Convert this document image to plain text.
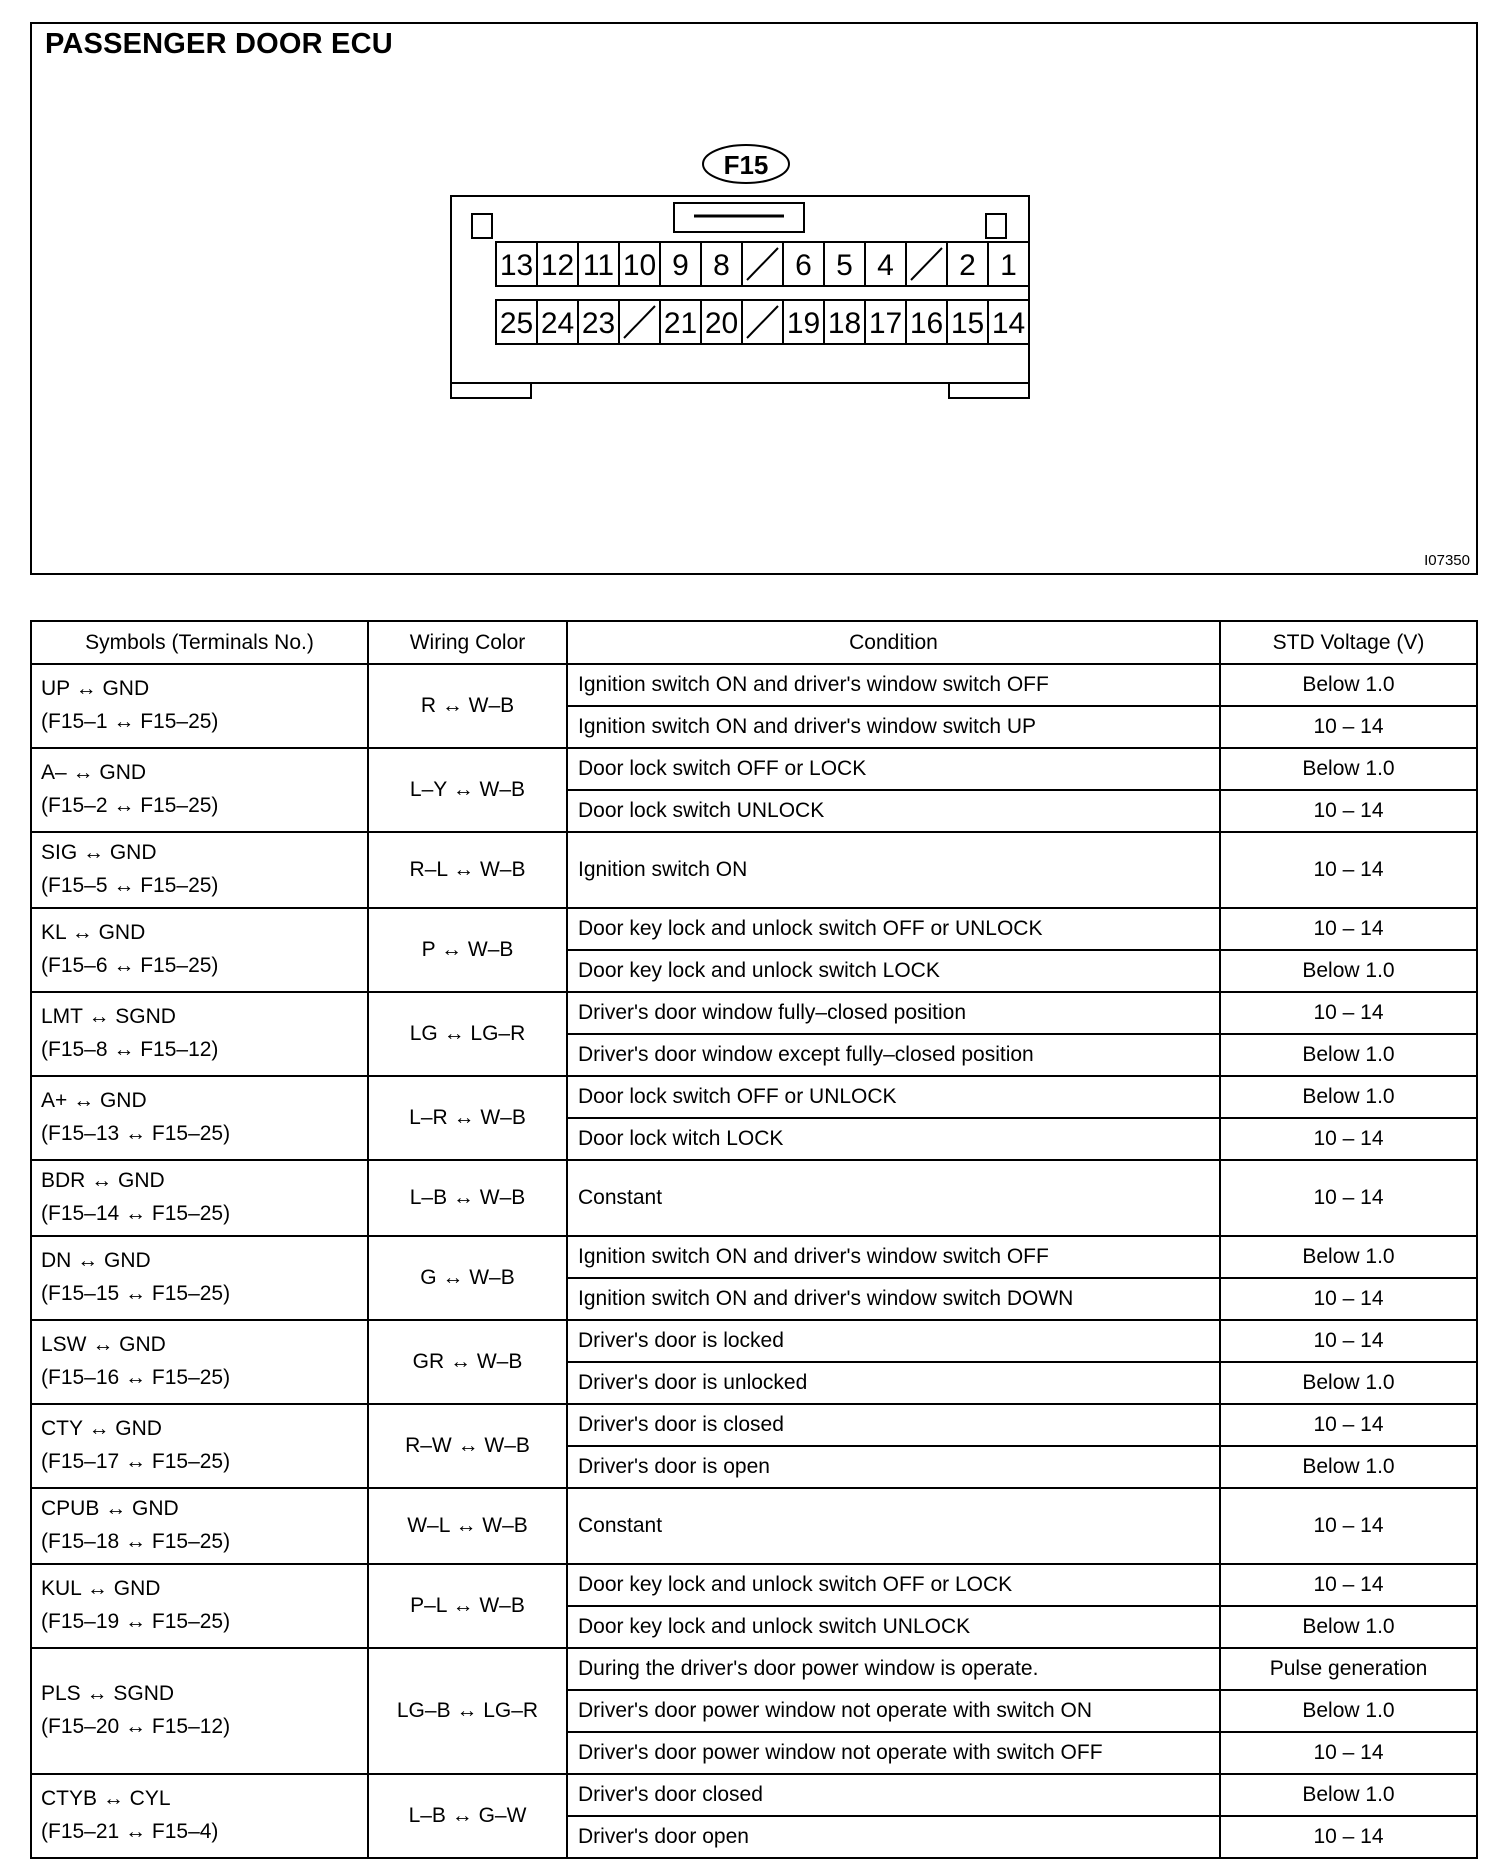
PASSENGER DOOR ECU
F15
13 12 11 10 9 8 6 5 4 2 1
25 24 23 21 20 19 18 17 16 15 14
I07350
Symbols (Terminals No.)	Wiring Color	Condition	STD Voltage (V)

UP ↔ GND
(F15–1 ↔ F15–25)	R ↔ W–B	Ignition switch ON and driver's window switch OFF	Below 1.0
		Ignition switch ON and driver's window switch UP	10 – 14

A– ↔ GND
(F15–2 ↔ F15–25)	L–Y ↔ W–B	Door lock switch OFF or LOCK	Below 1.0
		Door lock switch UNLOCK	10 – 14

SIG ↔ GND
(F15–5 ↔ F15–25)	R–L ↔ W–B	Ignition switch ON	10 – 14

KL ↔ GND
(F15–6 ↔ F15–25)	P ↔ W–B	Door key lock and unlock switch OFF or UNLOCK	10 – 14
		Door key lock and unlock switch LOCK	Below 1.0

LMT ↔ SGND
(F15–8 ↔ F15–12)	LG ↔ LG–R	Driver's door window fully–closed position	10 – 14
		Driver's door window except fully–closed position	Below 1.0

A+ ↔ GND
(F15–13 ↔ F15–25)	L–R ↔ W–B	Door lock switch OFF or UNLOCK	Below 1.0
		Door lock witch LOCK	10 – 14

BDR ↔ GND
(F15–14 ↔ F15–25)	L–B ↔ W–B	Constant	10 – 14

DN ↔ GND
(F15–15 ↔ F15–25)	G ↔ W–B	Ignition switch ON and driver's window switch OFF	Below 1.0
		Ignition switch ON and driver's window switch DOWN	10 – 14

LSW ↔ GND
(F15–16 ↔ F15–25)	GR ↔ W–B	Driver's door is locked	10 – 14
		Driver's door is unlocked	Below 1.0

CTY ↔ GND
(F15–17 ↔ F15–25)	R–W ↔ W–B	Driver's door is closed	10 – 14
		Driver's door is open	Below 1.0

CPUB ↔ GND
(F15–18 ↔ F15–25)	W–L ↔ W–B	Constant	10 – 14

KUL ↔ GND
(F15–19 ↔ F15–25)	P–L ↔ W–B	Door key lock and unlock switch OFF or LOCK	10 – 14
		Door key lock and unlock switch UNLOCK	Below 1.0

PLS ↔ SGND
(F15–20 ↔ F15–12)	LG–B ↔ LG–R	During the driver's door power window is operate.	Pulse generation
		Driver's door power window not operate with switch ON	Below 1.0
		Driver's door power window not operate with switch OFF	10 – 14

CTYB ↔ CYL
(F15–21 ↔ F15–4)	L–B ↔ G–W	Driver's door closed	Below 1.0
		Driver's door open	10 – 14
